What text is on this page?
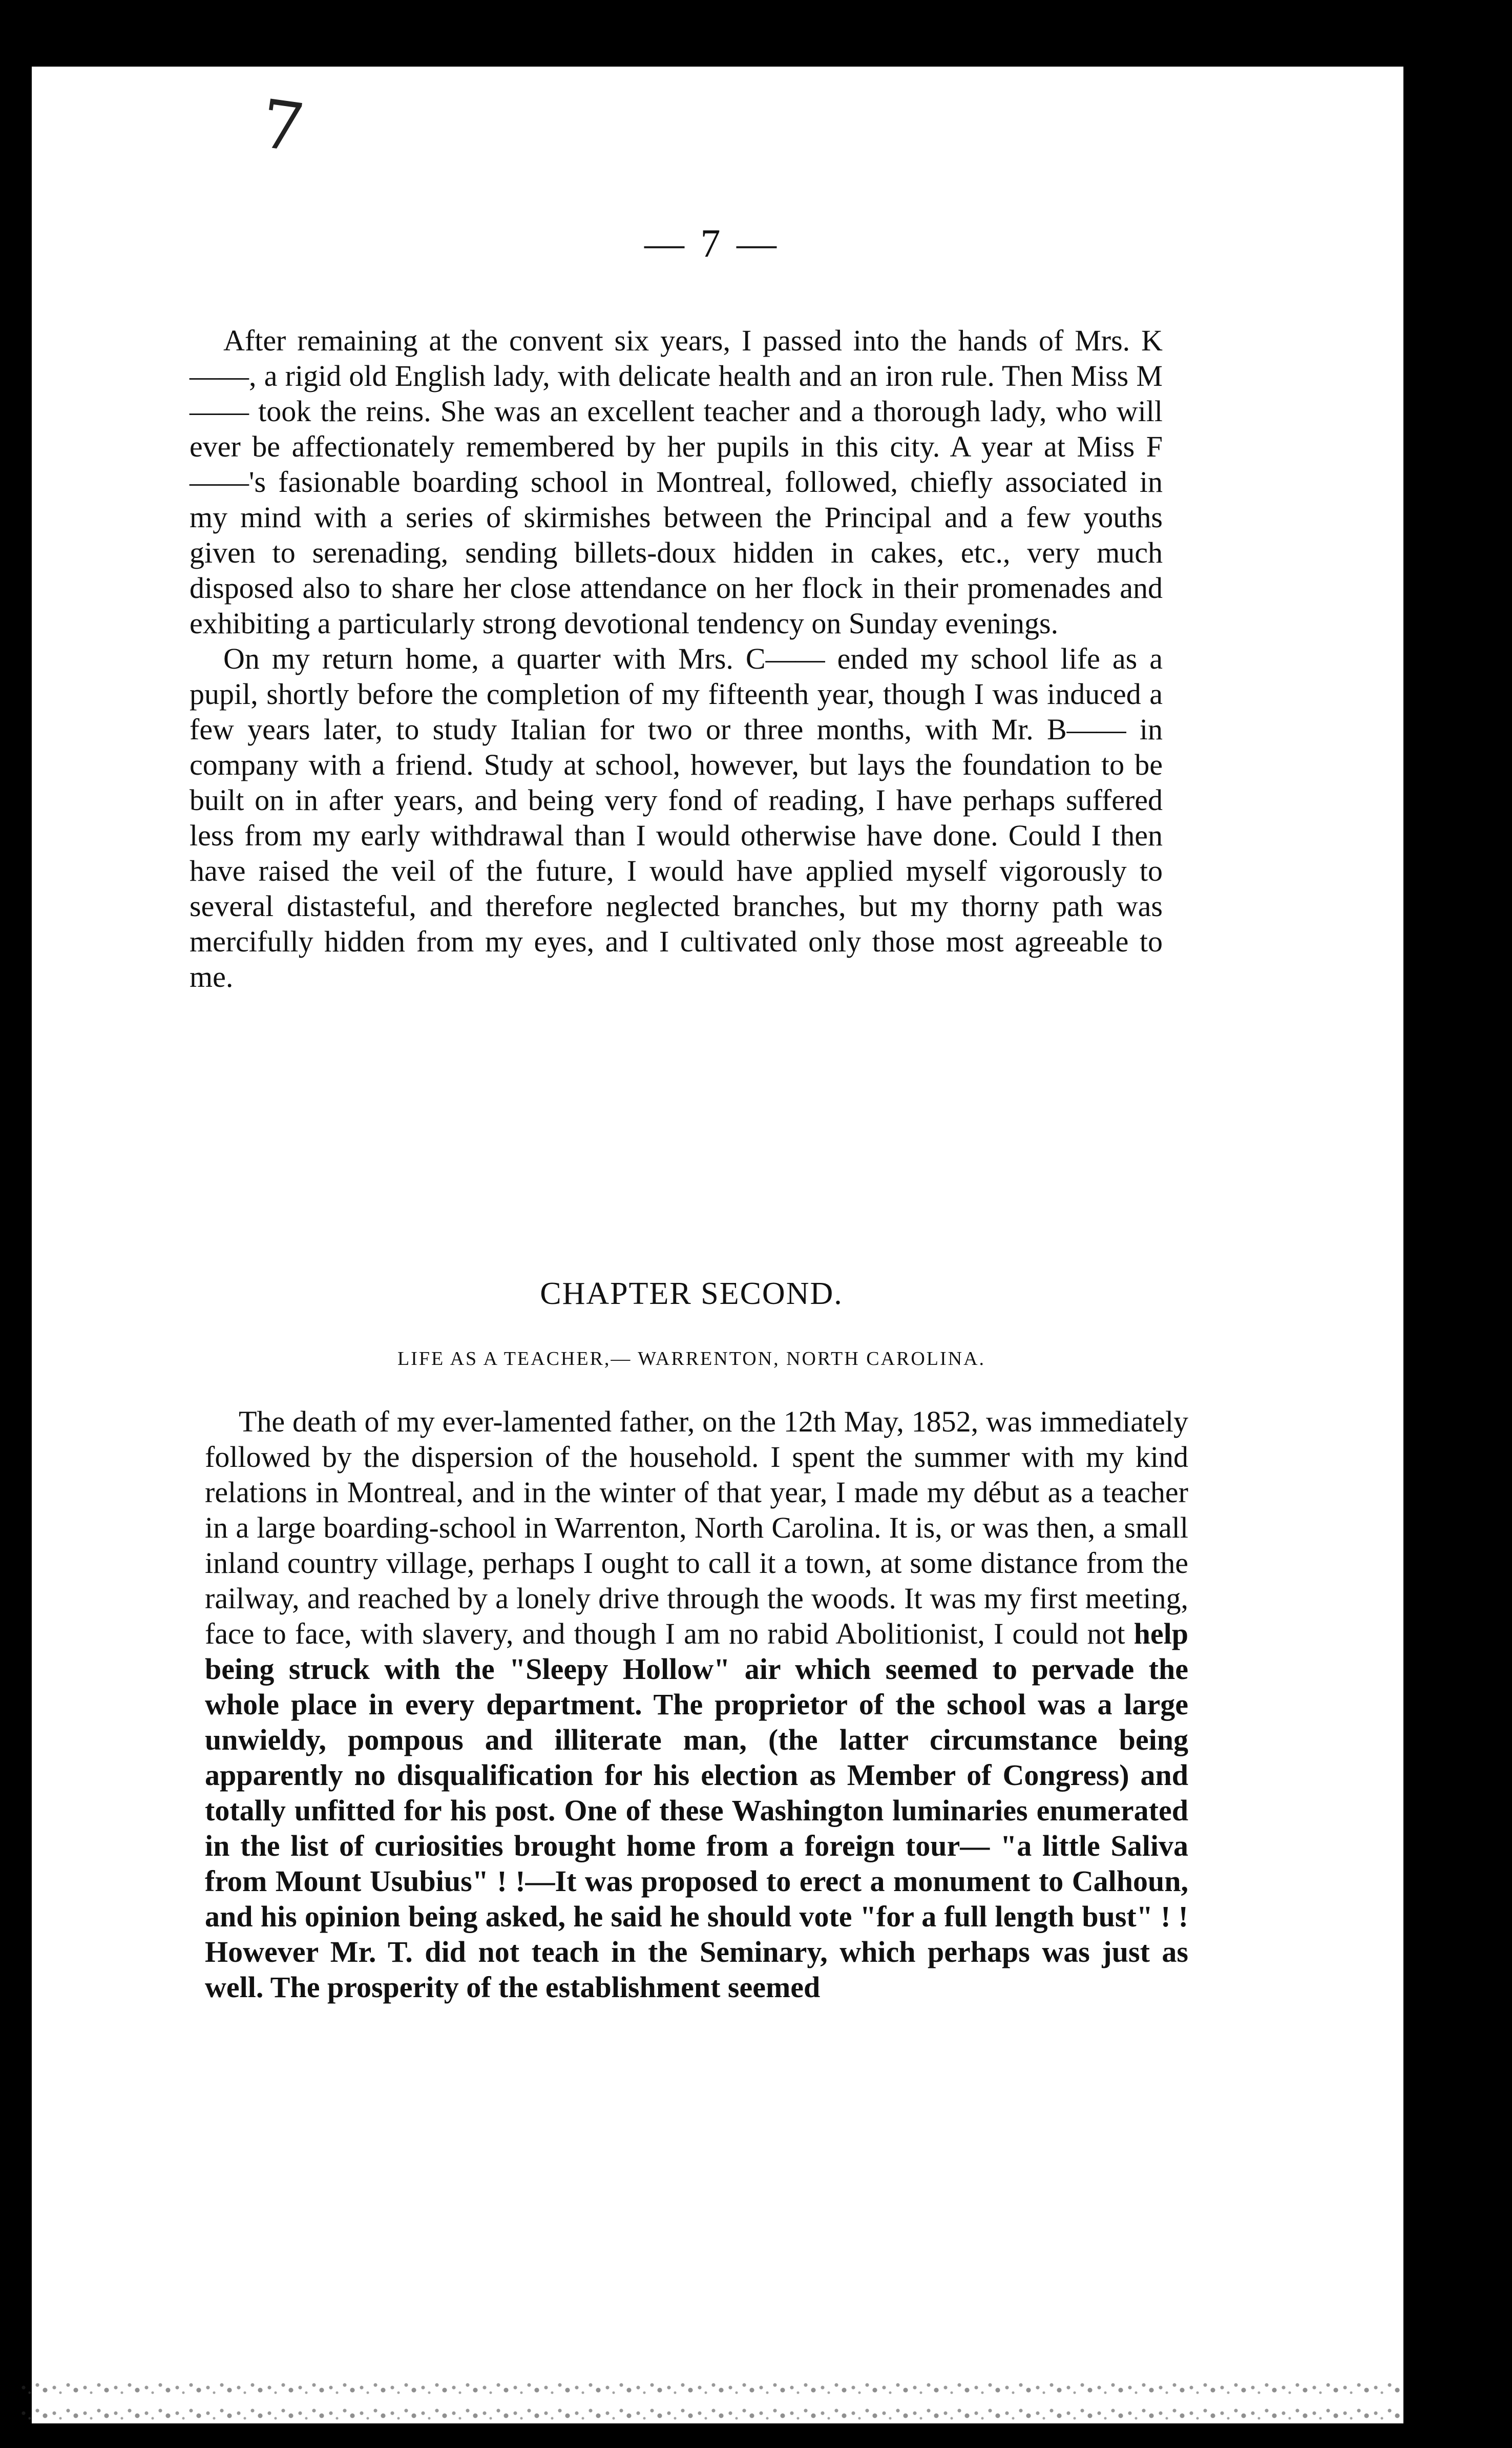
7
— 7 —

After remaining at the convent six years, I passed into the hands of Mrs. K——, a rigid old English lady, with delicate health and an iron rule. Then Miss M—— took the reins. She was an excellent teacher and a thorough lady, who will ever be affectionately remembered by her pupils in this city. A year at Miss F——'s fasionable boarding school in Montreal, followed, chiefly associated in my mind with a series of skirmishes between the Principal and a few youths given to serenading, sending billets-doux hidden in cakes, etc., very much disposed also to share her close attendance on her flock in their promenades and exhibiting a particularly strong devotional tendency on Sunday evenings.

On my return home, a quarter with Mrs. C—— ended my school life as a pupil, shortly before the completion of my fifteenth year, though I was induced a few years later, to study Italian for two or three months, with Mr. B—— in company with a friend. Study at school, however, but lays the foundation to be built on in after years, and being very fond of reading, I have perhaps suffered less from my early withdrawal than I would otherwise have done. Could I then have raised the veil of the future, I would have applied myself vigorously to several distasteful, and therefore neglected branches, but my thorny path was mercifully hidden from my eyes, and I cultivated only those most agreeable to me.

CHAPTER SECOND.
LIFE AS A TEACHER,— WARRENTON, NORTH CAROLINA.

The death of my ever-lamented father, on the 12th May, 1852, was immediately followed by the dispersion of the household. I spent the summer with my kind relations in Montreal, and in the winter of that year, I made my début as a teacher in a large boarding-school in Warrenton, North Carolina. It is, or was then, a small inland country village, perhaps I ought to call it a town, at some distance from the railway, and reached by a lonely drive through the woods. It was my first meeting, face to face, with slavery, and though I am no rabid Abolitionist, I could not help being struck with the "Sleepy Hollow" air which seemed to pervade the whole place in every department. The proprietor of the school was a large unwieldy, pompous and illiterate man, (the latter circumstance being apparently no disqualification for his election as Member of Congress) and totally unfitted for his post. One of these Washington luminaries enumerated in the list of curiosities brought home from a foreign tour— "a little Saliva from Mount Usubius" ! !—It was proposed to erect a monument to Calhoun, and his opinion being asked, he said he should vote "for a full length bust" ! ! However Mr. T. did not teach in the Seminary, which perhaps was just as well. The prosperity of the establishment seemed
